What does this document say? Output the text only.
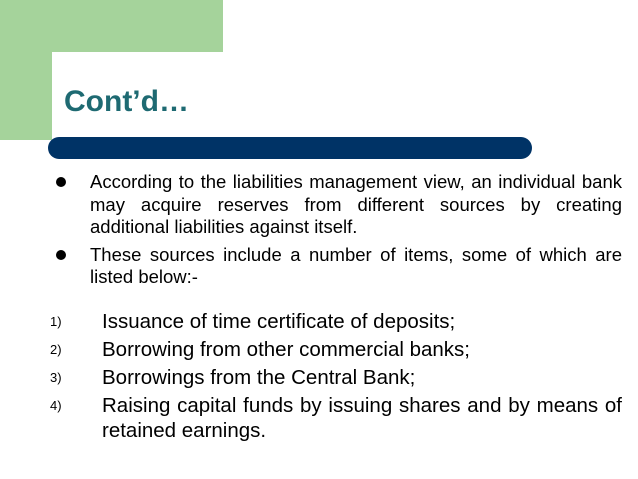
Cont’d…
According to the liabilities management view, an individual bank may acquire reserves from different sources by creating additional liabilities against itself.
These sources include a number of items, some of which are listed below:-
1) Issuance of time certificate of deposits;
2) Borrowing from other commercial banks;
3) Borrowings from the Central Bank;
4) Raising capital funds by issuing shares and by means of retained earnings.
